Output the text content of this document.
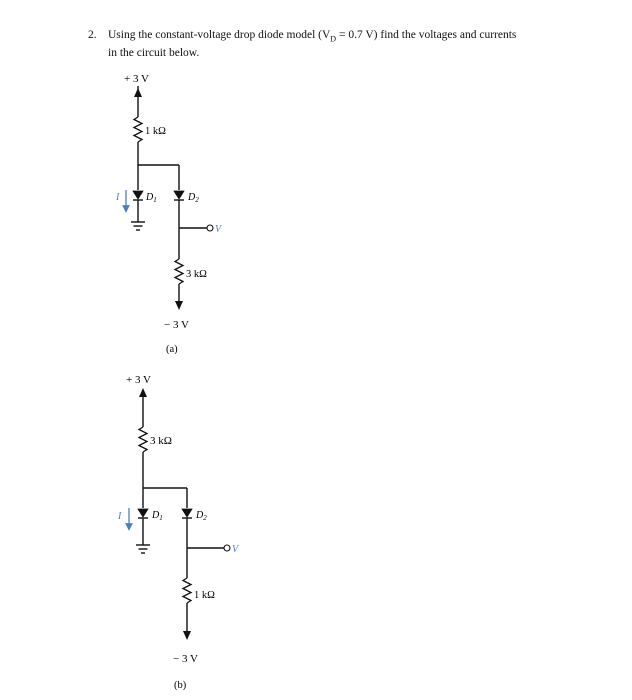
2. Using the constant-voltage drop diode model ($V_D = 0.7$ V) find the voltages and currents
in the circuit below.
+ 3 V
1 kΩ
$D_1$
I	$D_2$
V
3 kΩ
− 3 V
(a)
+ 3 V
3 kΩ
$D_1$
I	$D_2$
V
1 kΩ
− 3 V
(b)
